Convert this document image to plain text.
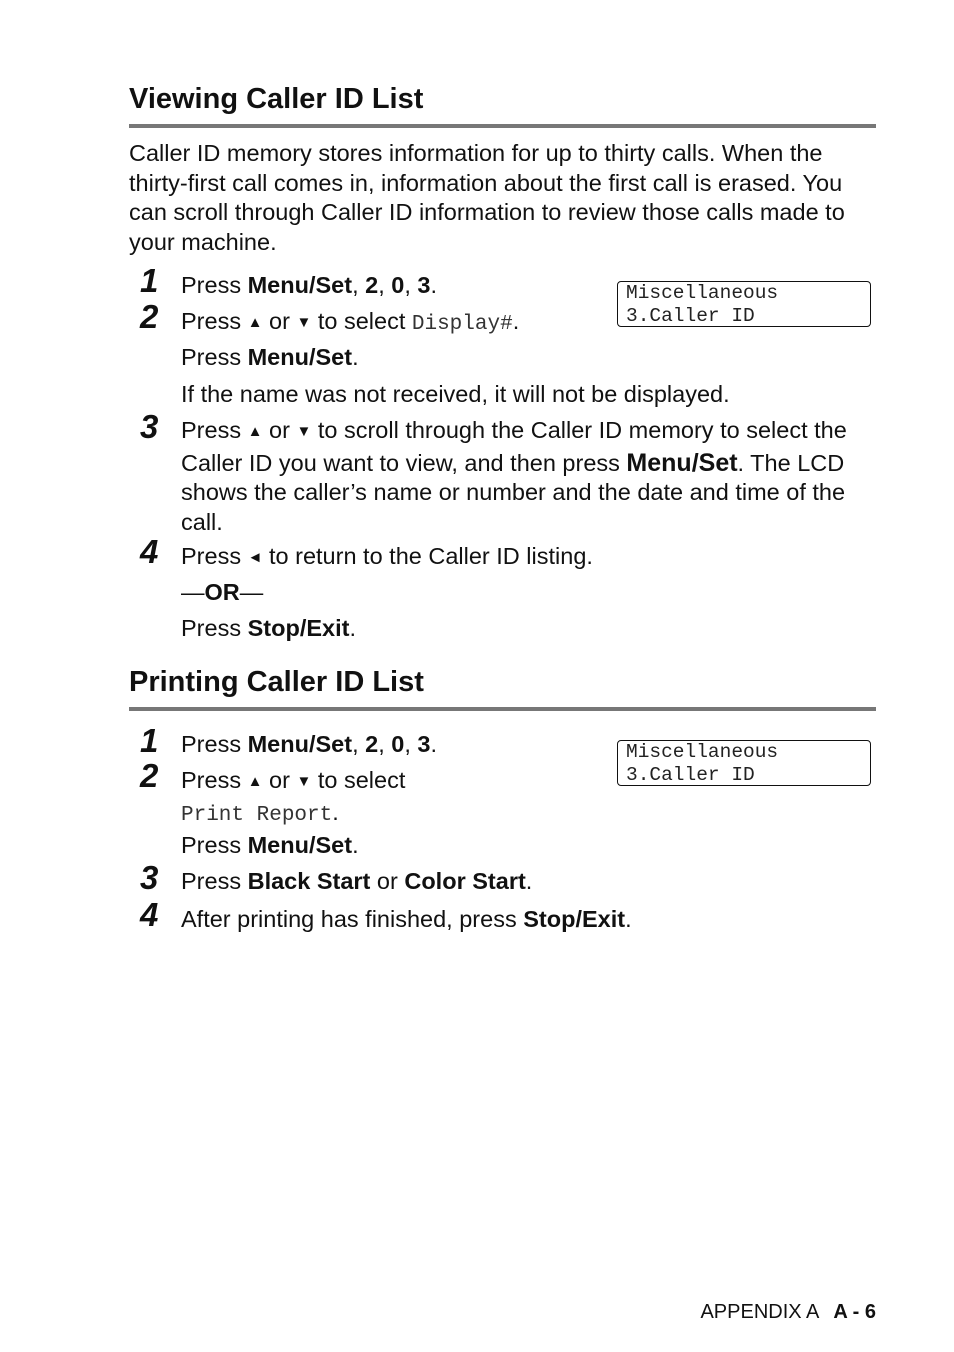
Viewing Caller ID List

Caller ID memory stores information for up to thirty calls. When the thirty-first call comes in, information about the first call is erased. You can scroll through Caller ID information to review those calls made to your machine.

1 Press Menu/Set, 2, 0, 3.
2 Press ▲ or ▼ to select Display#.
Press Menu/Set.
If the name was not received, it will not be displayed.
Miscellaneous
3.Caller ID
3 Press ▲ or ▼ to scroll through the Caller ID memory to select the Caller ID you want to view, and then press Menu/Set. The LCD shows the caller’s name or number and the date and time of the call.

4 Press ◄ to return to the Caller ID listing.
—OR—
Press Stop/Exit.
Printing Caller ID List
1 Press Menu/Set, 2, 0, 3.
2 Press ▲ or ▼ to select
Print Report.
Press Menu/Set.
Miscellaneous
3.Caller ID
3 Press Black Start or Color Start.
4 After printing has finished, press Stop/Exit.
APPENDIX A A - 6
